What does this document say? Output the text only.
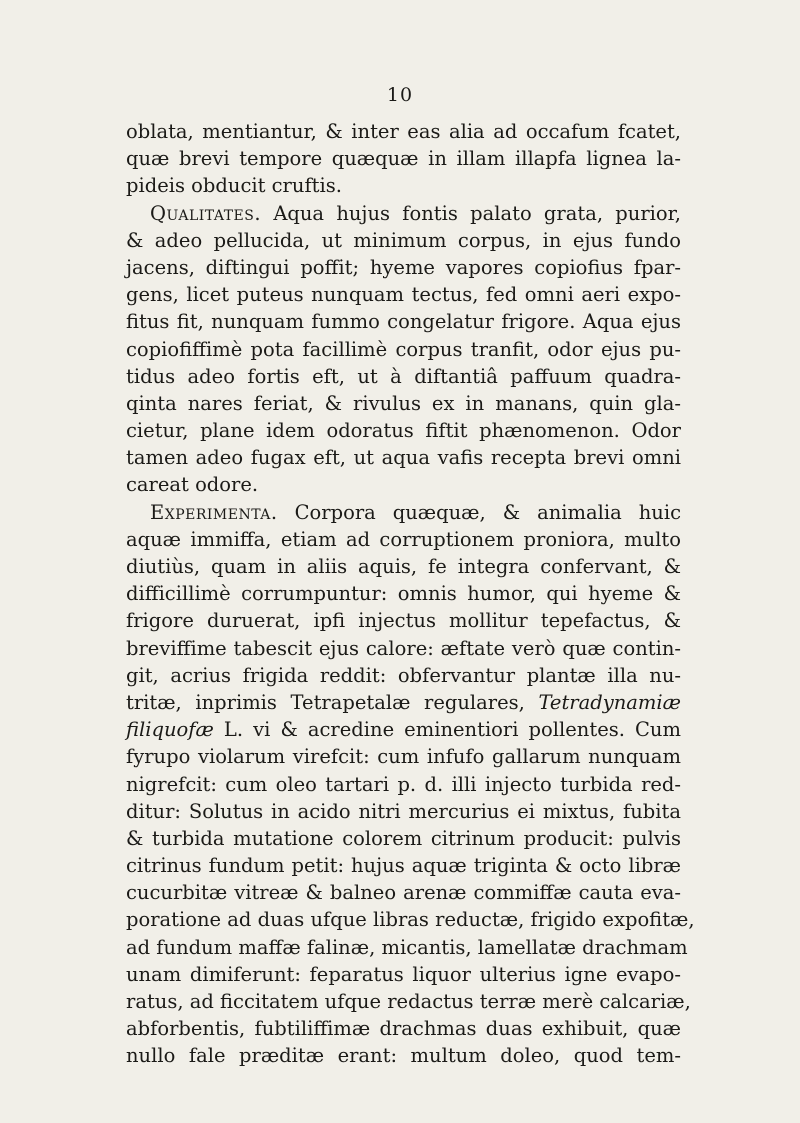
10
oblata, mentiantur, & inter eas alia ad occafum fcatet,
quæ brevi tempore quæquæ in illam illapfa lignea la-
pideis obducit cruftis.
Qualitates. Aqua hujus fontis palato grata, purior,
& adeo pellucida, ut minimum corpus, in ejus fundo
jacens, diftingui poffit; hyeme vapores copiofius fpar-
gens, licet puteus nunquam tectus, fed omni aeri expo-
fitus fit, nunquam fummo congelatur frigore. Aqua ejus
copiofiffimè pota facillimè corpus tranfit, odor ejus pu-
tidus adeo fortis eft, ut à diftantiâ paffuum quadra-
qinta nares feriat, & rivulus ex in manans, quin gla-
cietur, plane idem odoratus fiftit phænomenon. Odor
tamen adeo fugax eft, ut aqua vafis recepta brevi omni
careat odore.
Experimenta. Corpora quæquæ, & animalia huic
aquæ immiffa, etiam ad corruptionem proniora, multo
diutiùs, quam in aliis aquis, fe integra confervant, &
difficillimè corrumpuntur: omnis humor, qui hyeme &
frigore duruerat, ipfi injectus mollitur tepefactus, &
breviffime tabescit ejus calore: æftate verò quæ contin-
git, acrius frigida reddit: obfervantur plantæ illa nu-
tritæ, inprimis Tetrapetalæ regulares, Tetradynamiæ
filiquofæ L. vi & acredine eminentiori pollentes. Cum
fyrupo violarum virefcit: cum infufo gallarum nunquam
nigrefcit: cum oleo tartari p. d. illi injecto turbida red-
ditur: Solutus in acido nitri mercurius ei mixtus, fubita
& turbida mutatione colorem citrinum producit: pulvis
citrinus fundum petit: hujus aquæ triginta & octo libræ
cucurbitæ vitreæ & balneo arenæ commiffæ cauta eva-
poratione ad duas ufque libras reductæ, frigido expofitæ,
ad fundum maffæ falinæ, micantis, lamellatæ drachmam
unam dimiferunt: feparatus liquor ulterius igne evapo-
ratus, ad ficcitatem ufque redactus terræ merè calcariæ,
abforbentis, fubtiliffimæ drachmas duas exhibuit, quæ
nullo fale præditæ erant: multum doleo, quod tem-
